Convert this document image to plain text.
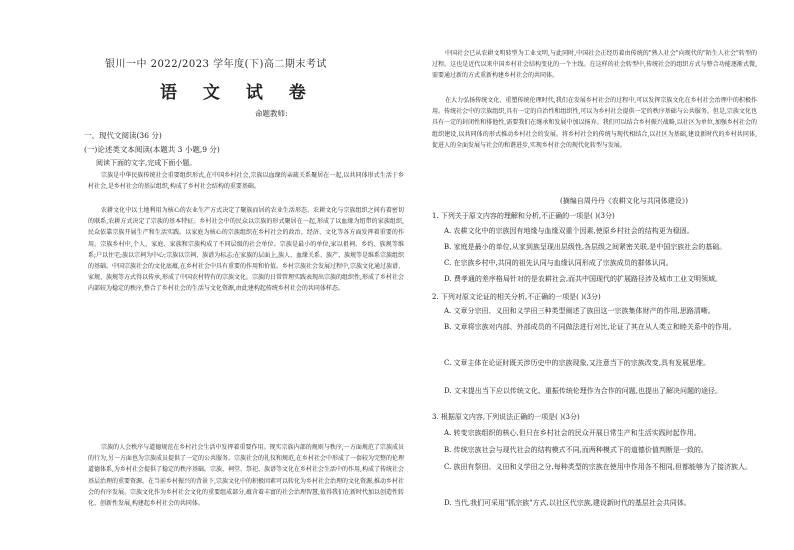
银川一中 2022/2023 学年度(下)高二期末考试
语 文 试 卷
命题教师:
一、现代文阅读(36 分)
(一)论述类文本阅读(本题共 3 小题,9 分)
阅读下面的文字,完成下面小题。
宗族是中华民族传统社会重要组织形式,在中国乡村社会,宗族以血缘的亲疏关系聚居在一起,以共同体形式生活于乡村社会,是乡村社会的基层组织,构成了乡村社会结构的重要基础。
农耕文化中以土地利用为核心的农业生产方式决定了聚族而居的农业生活形态。农耕文化与宗族组织之间有着密切的联系,农耕方式决定了宗族的基本特征。乡村社会中的民众以宗族的形式聚居在一起,形成了以血缘为纽带的家族组织,民众依靠宗族开展生产和生活实践。以家庭为核心的宗族组织在乡村社会的政治、经济、文化等各方面发挥着重要的作用。宗族乡村中,个人、家庭、家族和宗族构成了不同层级的社会单位。宗族是最小的单位,家以祖祠、乡约、族规等维系;户以住宅;族以宗祠为中心;宗族以宗祠、族谱为标志;在家族的层面上,族人、血缘关系、族产、族规等是维系宗族组织的基础。中国宗族社会的文化底蕴,在乡村社会中具有重要的作用和价值。乡村宗族社会发展过程中,宗族文化通过族谱、家规、族规等方式得以传承,形成了中国农村特有的宗族文化。宗族的日常管理实践表现出宗族的组织性,形成了乡村社会内部较为稳定的秩序,整合了乡村社会的生活与文化资源,由此建构起传统乡村社会的共同体样态。
宗族的人会秩序与道德规范在乡村社会生活中发挥着重要作用。现实宗族内部的规则与秩序,一方面规范了宗族成员的行为,另一方面也为宗族成员提供了一定的公共服务。宗族社会的礼仪和规范,在乡村社会中形成了一套较为完整的伦理道德体系,为乡村社会提供了稳定的秩序基础。宗族、祠堂、祭祀、族谱等文化在乡村社会生活中的作用,构成了传统社会基层治理的重要资源。在当前乡村振兴的背景下,宗族文化中的积极因素可以转化为乡村社会治理的文化资源,推动乡村社会的有序发展。宗族文化作为乡村社会文化的重要组成部分,蕴含着丰富的社会治理智慧,值得我们在新时代加以创造性转化、创新性发展,构建起乡村社会的共同体。
中国社会已从农耕文明转型为工业文明,与此同时,中国社会正经历着由传统的"熟人社会"向现代的"陌生人社会"转型的过程。这也是近代以来中国乡村社会结构变化的一个主线。在这样的社会转型中,传统社会的组织方式与整合功能逐渐式微,需要通过新的方式重新构建乡村社会的共同体。
在大力弘扬传统文化、重塑传统伦理时代,我们在发展乡村社会的过程中,可以发挥宗族文化在乡村社会治理中的积极作用。传统社会中的宗族组织,具有一定的自治性和组织性,可以为乡村社会提供一定的秩序基础与公共服务。但是,宗族文化也具有一定的封闭性和排他性,需要我们在继承和发展中加以扬弃。我们可以结合乡村振兴战略,以社区为单位,加强乡村社会的组织建设,以共同体的形式推动乡村社会的发展。将乡村社会的传统与现代相结合,以社区为基础,建设新时代的乡村共同体,促进人的全面发展与社会的和谐进步,实现乡村社会的现代化转型与发展。
(摘编自周丹丹《农耕文化与共同体建设》)
1. 下列关于原文内容的理解和分析,不正确的一项是( )(3分)
A. 农耕文化中的宗族因有地缘与血缘双重个因素,使原乡村社会的结构更为稳固。
B. 家庭是最小的单位,从家到族呈现出层级性,各层级之间紧密关联,是中国宗族社会的基础。
C. 在宗族乡村中,共同的祖先认同与血缘认同形成了宗族成员的群体认同。
D. 费孝通的差序格局针对的是农耕社会,而共中国现代的扩展路径涉及城市工业文明领域。
2. 下列对原文论证的相关分析,不正确的一项是( )(3分)
A. 文章分宗田、义田和义学田三种类型阐述了族田这一宗族集体财产的作用,思路清晰。
B. 文章将宗族对内部、外部成员的不同做法进行对比,论证了其在从人类立和睦关系中的作用。
C. 文章主体在论证时既关涉历史中的宗族现象,又注意当下的宗族改变,具有发展思维。
D. 文末提出当下应以传统文化、重振传统伦理作为合作的问题,也提出了解决问题的途径。
3. 根据原文内容,下列说法正确的一项是( )(3分)
A. 转变宗族组织的核心,但只在乡村社会的民众开展日常生产和生活实践时起作用。
B. 传统宗族社会与现代社会的结构模式不同,而两种模式下的道德价值判断是一致的。
C. 族田有祭田、义田和义学田之分,每种类型的宗族在使用中作用各不相同,但都能够为了接济族人。
D. 当代,我们可采用"抓宗族"方式,以社区代宗族,建设新时代的基层社会共同体。
